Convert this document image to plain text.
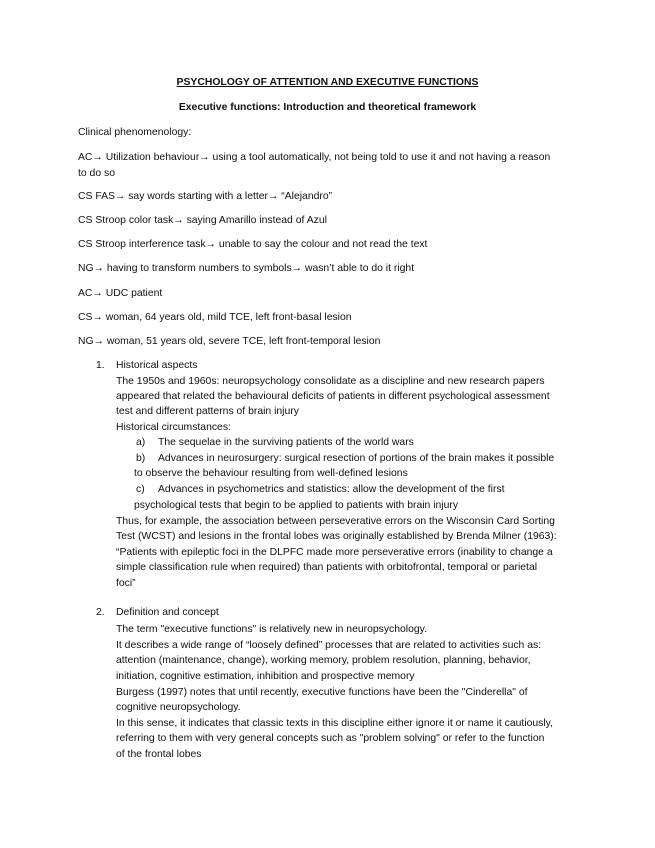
PSYCHOLOGY OF ATTENTION AND EXECUTIVE FUNCTIONS
Executive functions: Introduction and theoretical framework
Clinical phenomenology:
AC→ Utilization behaviour→ using a tool automatically, not being told to use it and not having a reason
to do so
CS FAS→ say words starting with a letter→ “Alejandro”
CS Stroop color task→ saying Amarillo instead of Azul
CS Stroop interference task→ unable to say the colour and not read the text
NG→ having to transform numbers to symbols→ wasn’t able to do it right
AC→ UDC patient
CS→ woman, 64 years old, mild TCE, left front-basal lesion
NG→ woman, 51 years old, severe TCE, left front-temporal lesion
1. Historical aspects
The 1950s and 1960s: neuropsychology consolidate as a discipline and new research papers
appeared that related the behavioural deficits of patients in different psychological assessment
test and different patterns of brain injury
Historical circumstances:
a) The sequelae in the surviving patients of the world wars
b) Advances in neurosurgery: surgical resection of portions of the brain makes it possible
to observe the behaviour resulting from well-defined lesions
c) Advances in psychometrics and statistics: allow the development of the first
psychological tests that begin to be applied to patients with brain injury
Thus, for example, the association between perseverative errors on the Wisconsin Card Sorting
Test (WCST) and lesions in the frontal lobes was originally established by Brenda Milner (1963):
“Patients with epileptic foci in the DLPFC made more perseverative errors (inability to change a
simple classification rule when required) than patients with orbitofrontal, temporal or parietal
foci”
2. Definition and concept
The term "executive functions" is relatively new in neuropsychology.
It describes a wide range of “loosely defined” processes that are related to activities such as:
attention (maintenance, change), working memory, problem resolution, planning, behavior,
initiation, cognitive estimation, inhibition and prospective memory
Burgess (1997) notes that until recently, executive functions have been the "Cinderella" of
cognitive neuropsychology.
In this sense, it indicates that classic texts in this discipline either ignore it or name it cautiously,
referring to them with very general concepts such as "problem solving" or refer to the function
of the frontal lobes
